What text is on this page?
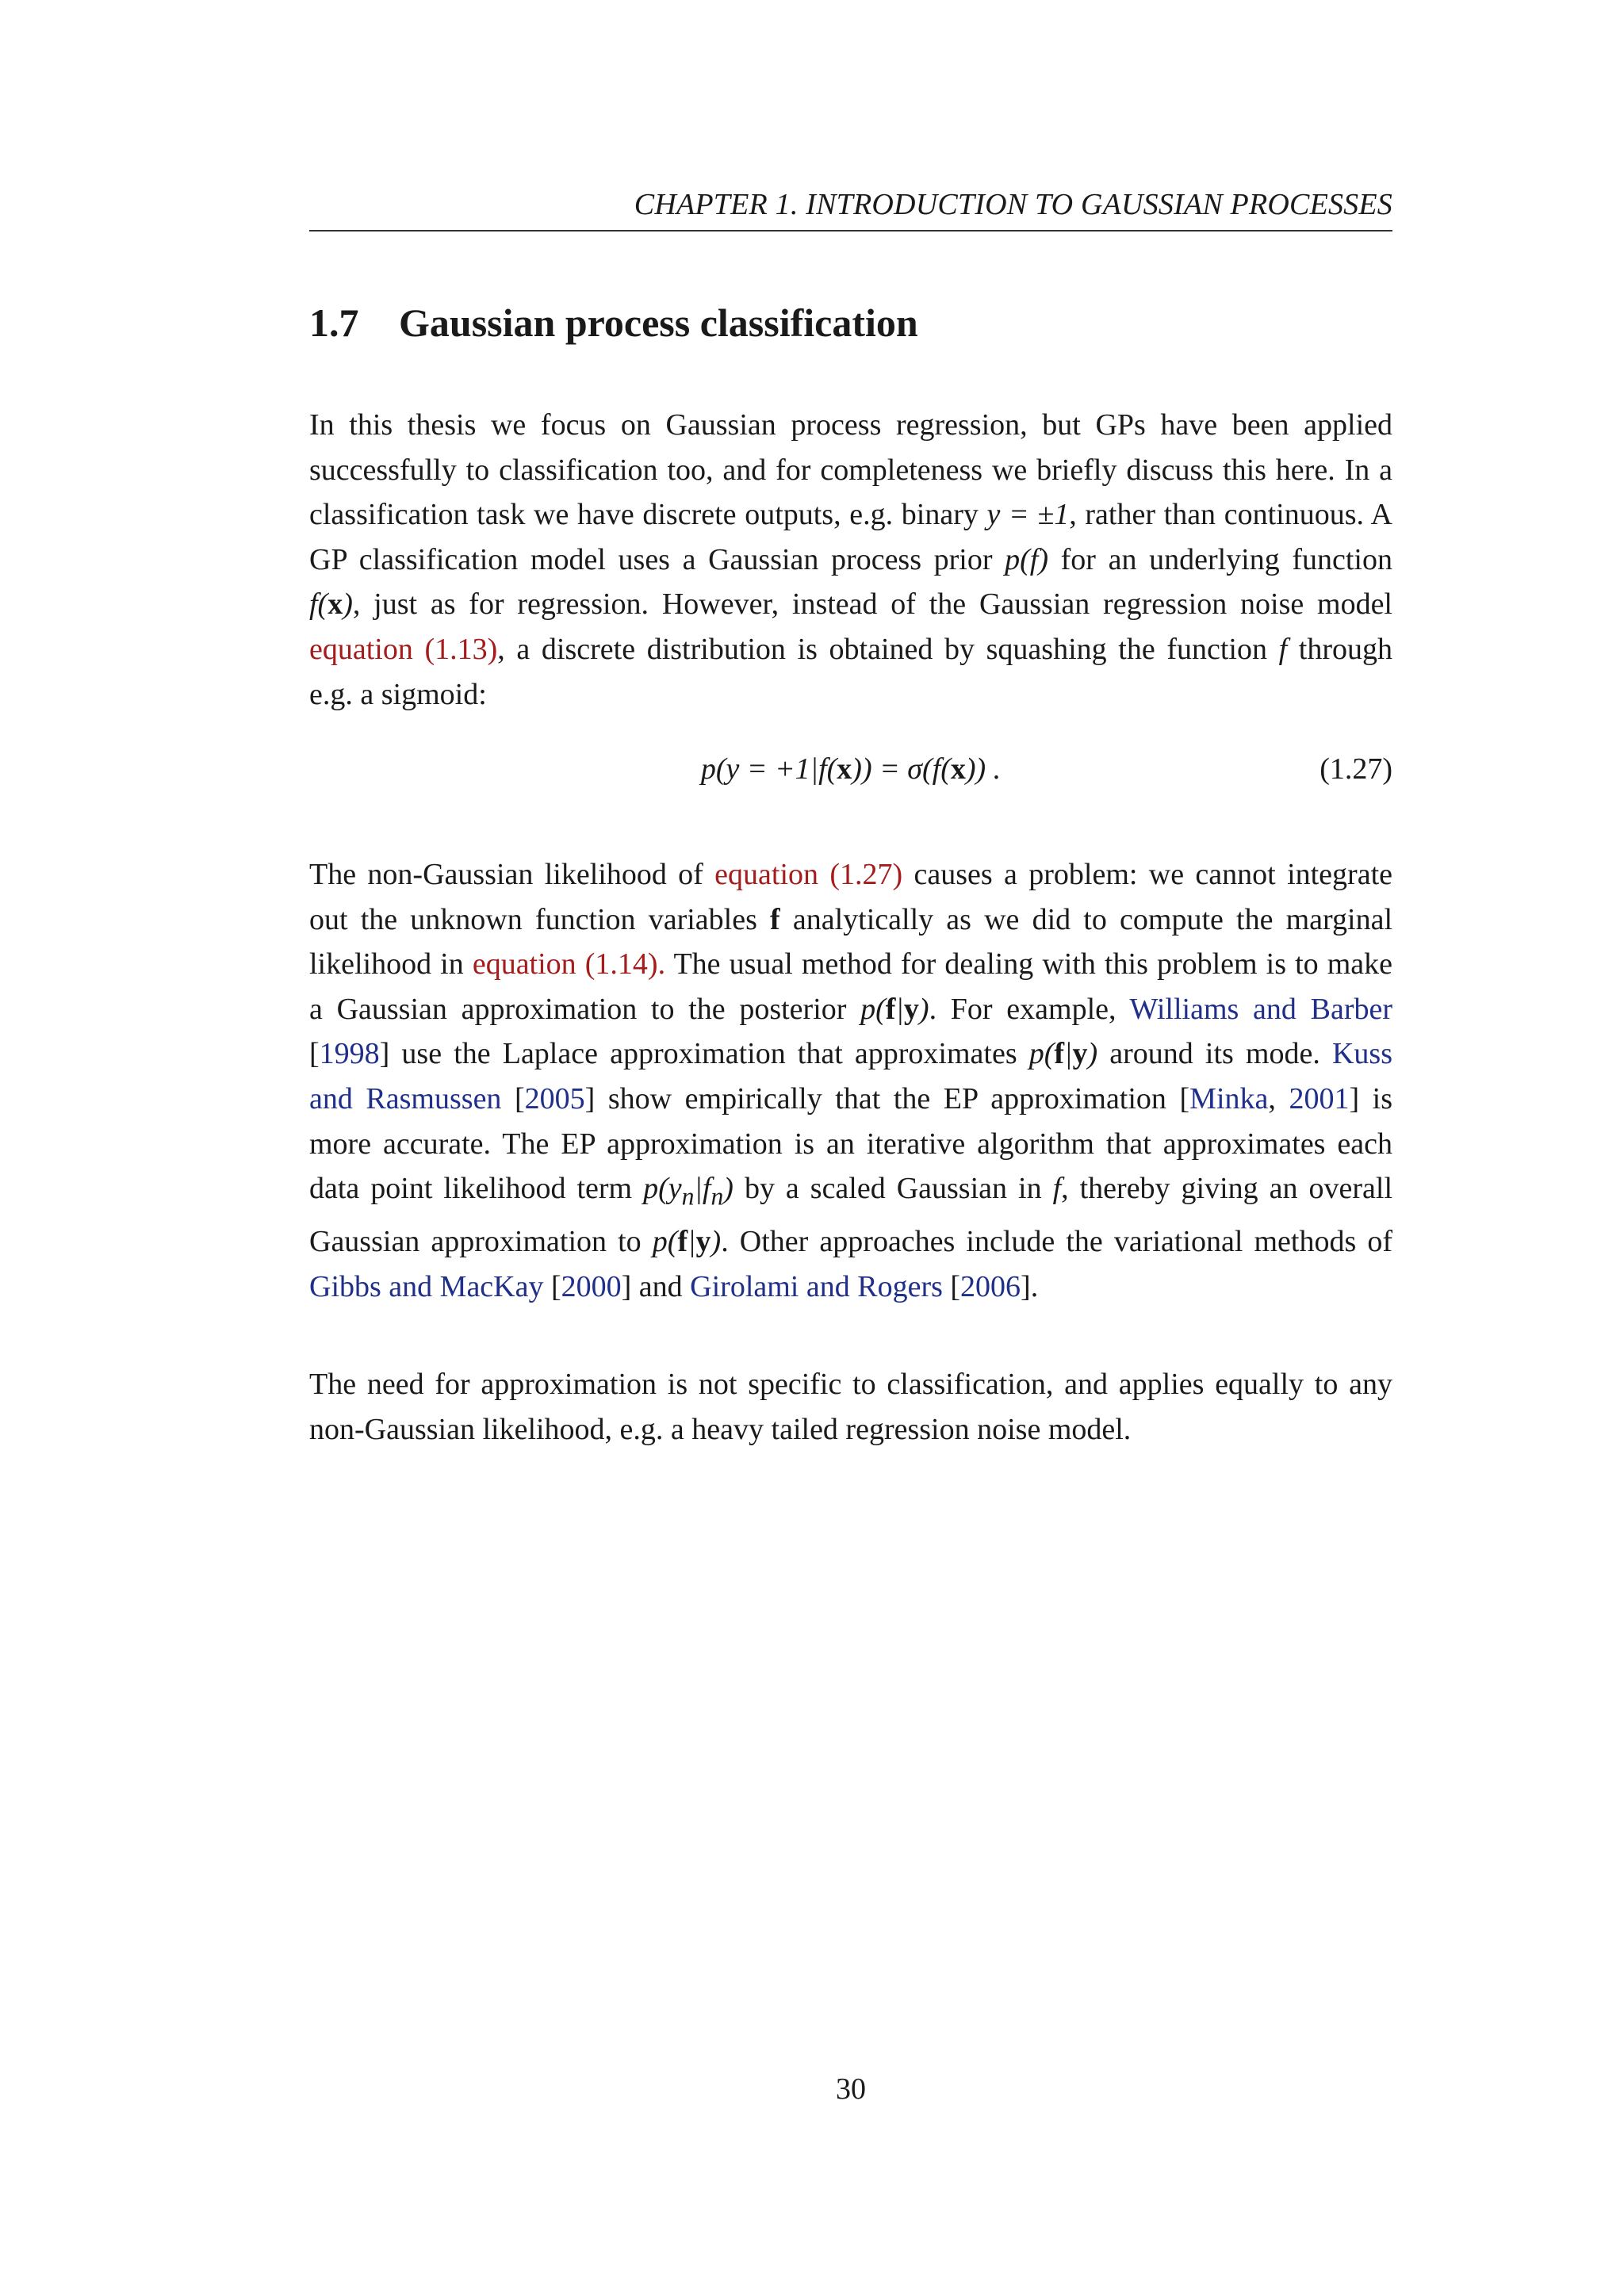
CHAPTER 1. INTRODUCTION TO GAUSSIAN PROCESSES
1.7 Gaussian process classification

In this thesis we focus on Gaussian process regression, but GPs have been applied successfully to classification too, and for completeness we briefly discuss this here. In a classification task we have discrete outputs, e.g. binary y = ±1, rather than continuous. A GP classification model uses a Gaussian process prior p(f) for an underlying function f(x), just as for regression. However, instead of the Gaussian regression noise model equation (1.13), a discrete distribution is obtained by squashing the function f through e.g. a sigmoid:

p(y = +1|f(x)) = σ(f(x)) .	(1.27)

The non-Gaussian likelihood of equation (1.27) causes a problem: we cannot integrate out the unknown function variables f analytically as we did to compute the marginal likelihood in equation (1.14). The usual method for dealing with this problem is to make a Gaussian approximation to the posterior p(f|y). For example, Williams and Barber [1998] use the Laplace approximation that approximates p(f|y) around its mode. Kuss and Rasmussen [2005] show empirically that the EP approximation [Minka, 2001] is more accurate. The EP approximation is an iterative algorithm that approximates each data point likelihood term $p(y_n|f_n)$ by a scaled Gaussian in f, thereby giving an overall Gaussian approximation to p(f|y). Other approaches include the variational methods of Gibbs and MacKay [2000] and Girolami and Rogers [2006].

The need for approximation is not specific to classification, and applies equally to any non-Gaussian likelihood, e.g. a heavy tailed regression noise model.

30
